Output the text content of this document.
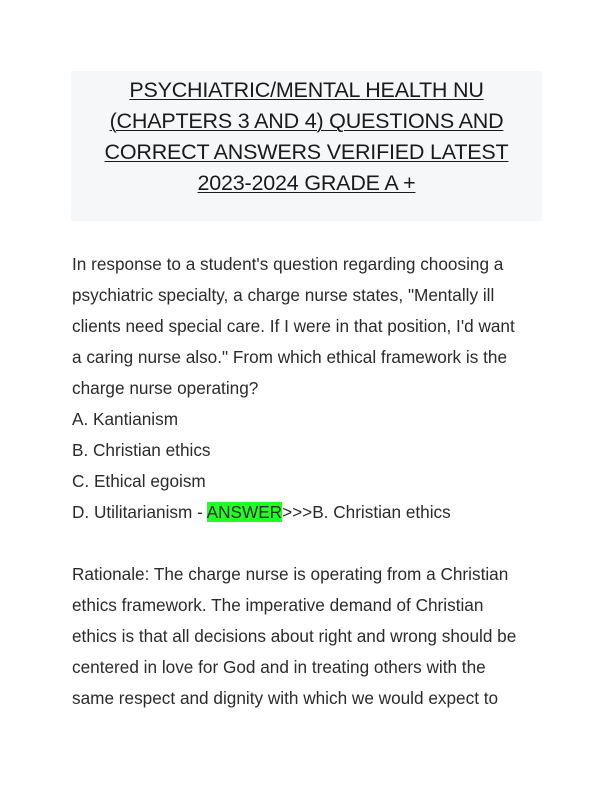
PSYCHIATRIC/MENTAL HEALTH NU
(CHAPTERS 3 AND 4) QUESTIONS AND
CORRECT ANSWERS VERIFIED LATEST
2023-2024 GRADE A +
In response to a student's question regarding choosing a
psychiatric specialty, a charge nurse states, "Mentally ill
clients need special care. If I were in that position, I'd want
a caring nurse also." From which ethical framework is the
charge nurse operating?
A. Kantianism
B. Christian ethics
C. Ethical egoism
D. Utilitarianism - ANSWER>>>B. Christian ethics
Rationale: The charge nurse is operating from a Christian
ethics framework. The imperative demand of Christian
ethics is that all decisions about right and wrong should be
centered in love for God and in treating others with the
same respect and dignity with which we would expect to
